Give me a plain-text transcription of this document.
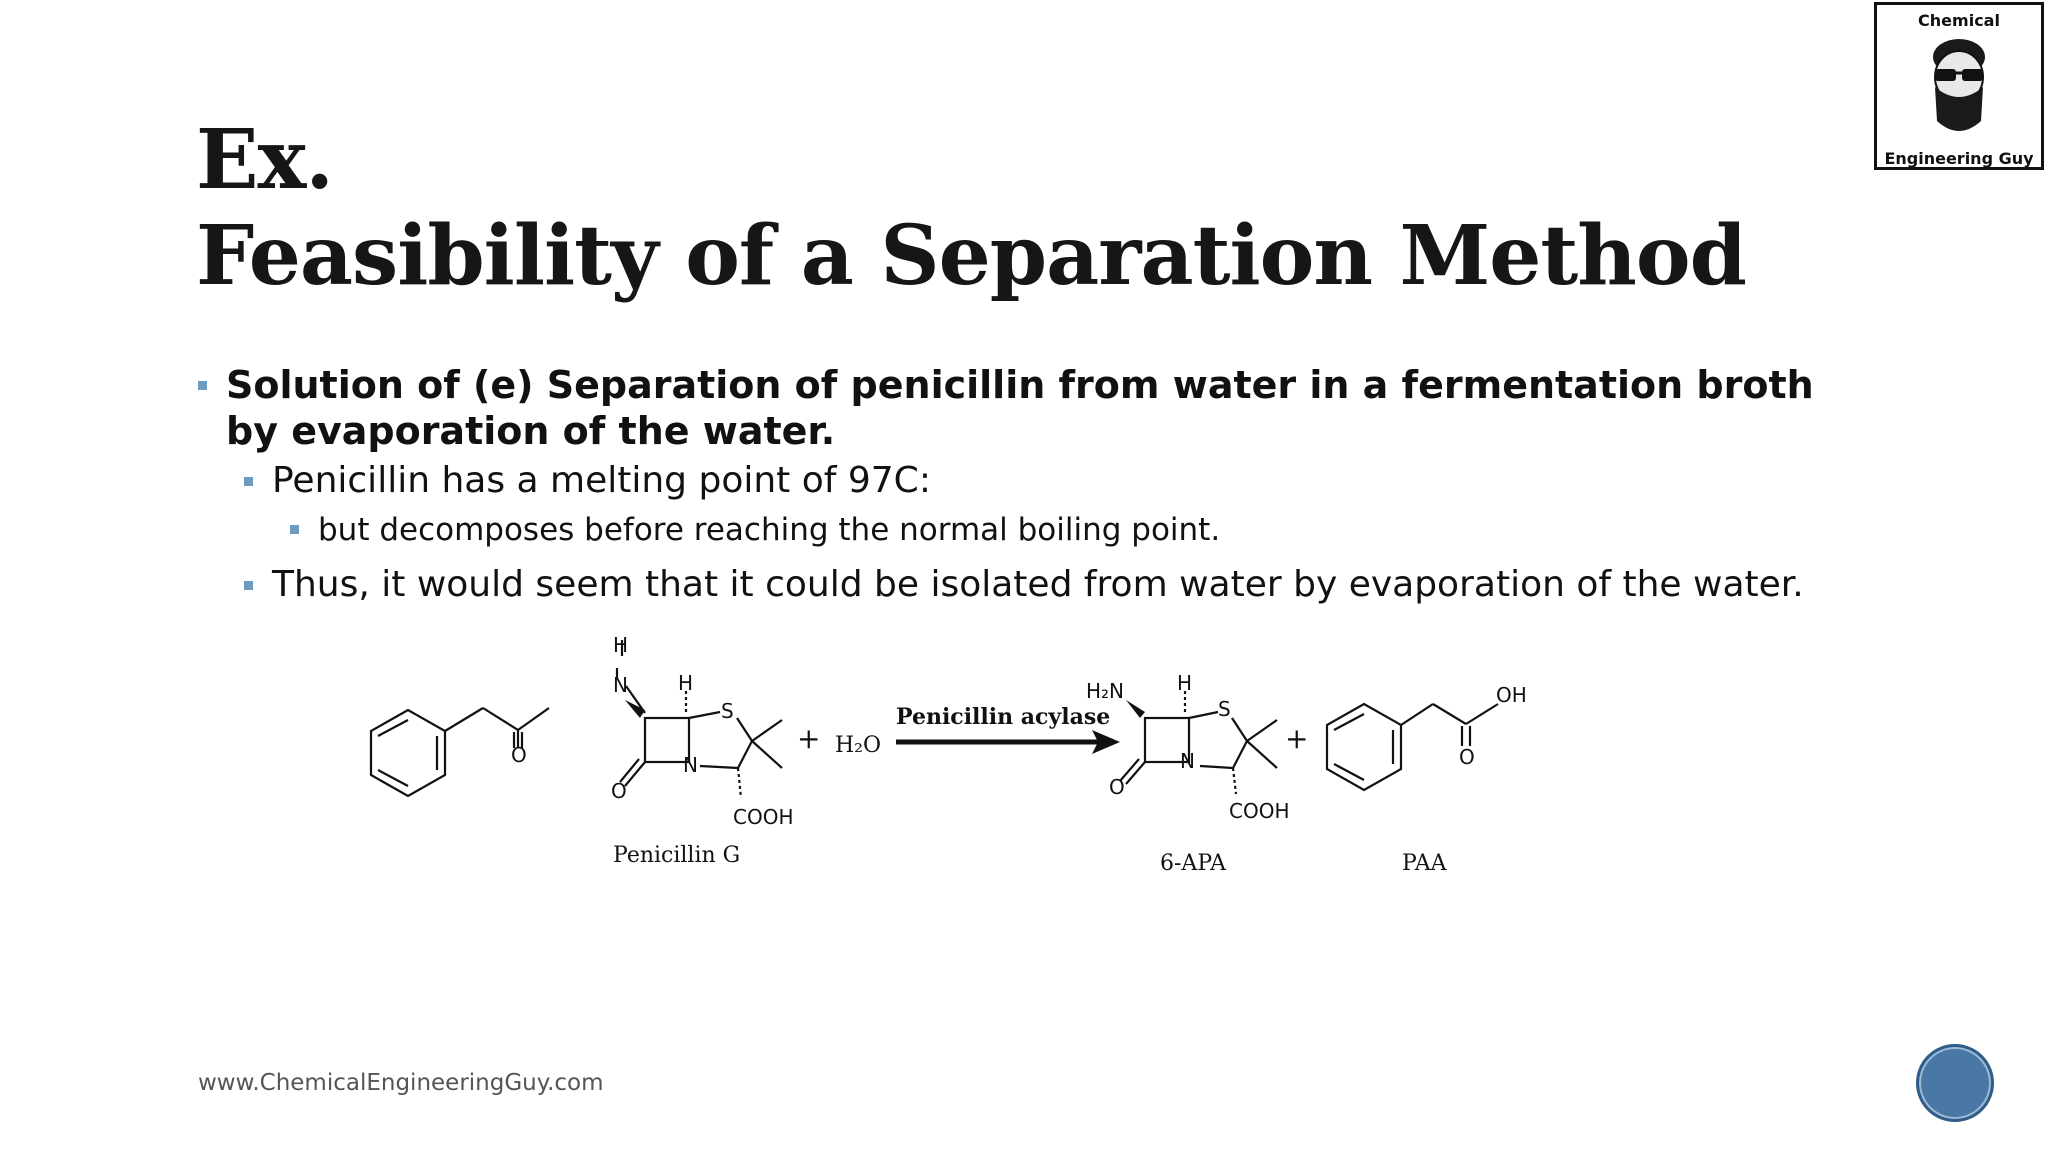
Ex.
Feasibility of a Separation Method
Solution of (e) Separation of penicillin from water in a fermentation broth by evaporation of the water.
Penicillin has a melting point of 97C:
but decomposes before reaching the normal boiling point.
Thus, it would seem that it could be isolated from water by evaporation of the water.
H
N
O
H
S
N
O
COOH
Penicillin G
+ H₂O
Penicillin acylase
H₂N	H
S
N
O
COOH
6-APA
+
OH
O
PAA
www.ChemicalEngineeringGuy.com
Chemical
Engineering Guy
